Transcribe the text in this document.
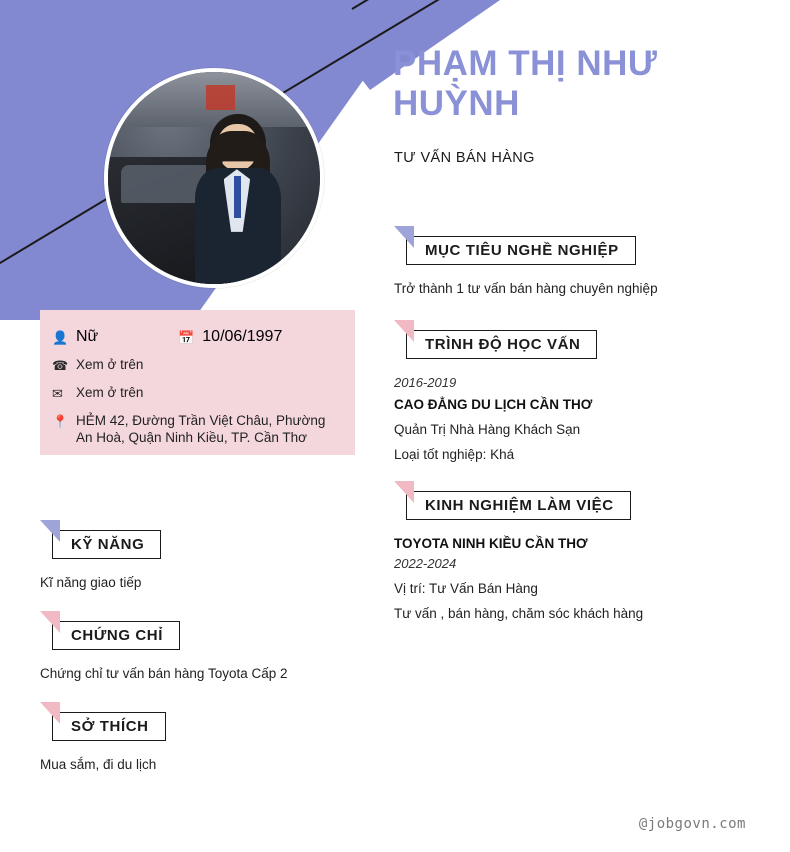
PHẠM THỊ NHƯ HUỲNH
TƯ VẤN BÁN HÀNG
👤 Nữ	📅 10/06/1997
☎ Xem ở trên
✉ Xem ở trên
📍 HẺM 42, Đường Trần Việt Châu, Phường An Hoà, Quận Ninh Kiều, TP. Cần Thơ
KỸ NĂNG
Kĩ năng giao tiếp
CHỨNG CHỈ
Chứng chỉ tư vấn bán hàng Toyota Cấp 2
SỞ THÍCH
Mua sắm, đi du lịch
MỤC TIÊU NGHỀ NGHIỆP
Trở thành 1 tư vấn bán hàng chuyên nghiệp
TRÌNH ĐỘ HỌC VẤN
2016-2019
CAO ĐẲNG DU LỊCH CẦN THƠ
Quản Trị Nhà Hàng Khách Sạn
Loại tốt nghiệp: Khá
KINH NGHIỆM LÀM VIỆC
TOYOTA NINH KIỀU CẦN THƠ
2022-2024
Vị trí: Tư Vấn Bán Hàng
Tư vấn , bán hàng, chăm sóc khách hàng
@jobgovn.com
